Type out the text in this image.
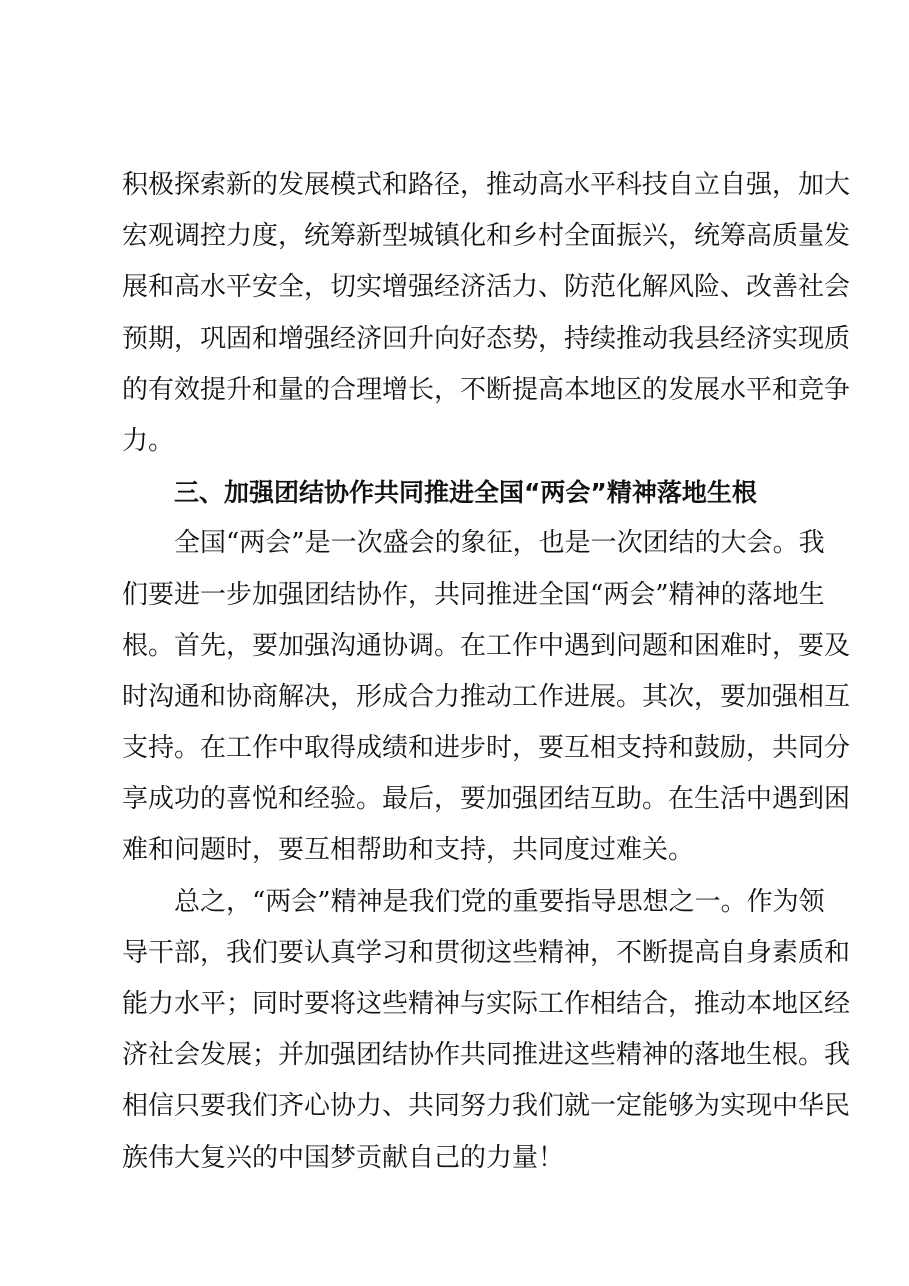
积极探索新的发展模式和路径，推动高水平科技自立自强，加大

宏观调控力度，统筹新型城镇化和乡村全面振兴，统筹高质量发

展和高水平安全，切实增强经济活力、防范化解风险、改善社会

预期，巩固和增强经济回升向好态势，持续推动我县经济实现质

的有效提升和量的合理增长，不断提高本地区的发展水平和竞争

力。

三、加强团结协作共同推进全国“两会”精神落地生根

全国“两会”是一次盛会的象征，也是一次团结的大会。我

们要进一步加强团结协作，共同推进全国“两会”精神的落地生

根。首先，要加强沟通协调。在工作中遇到问题和困难时，要及

时沟通和协商解决，形成合力推动工作进展。其次，要加强相互

支持。在工作中取得成绩和进步时，要互相支持和鼓励，共同分

享成功的喜悦和经验。最后，要加强团结互助。在生活中遇到困

难和问题时，要互相帮助和支持，共同度过难关。

总之，“两会”精神是我们党的重要指导思想之一。作为领

导干部，我们要认真学习和贯彻这些精神，不断提高自身素质和

能力水平；同时要将这些精神与实际工作相结合，推动本地区经

济社会发展；并加强团结协作共同推进这些精神的落地生根。我

相信只要我们齐心协力、共同努力我们就一定能够为实现中华民

族伟大复兴的中国梦贡献自己的力量！
